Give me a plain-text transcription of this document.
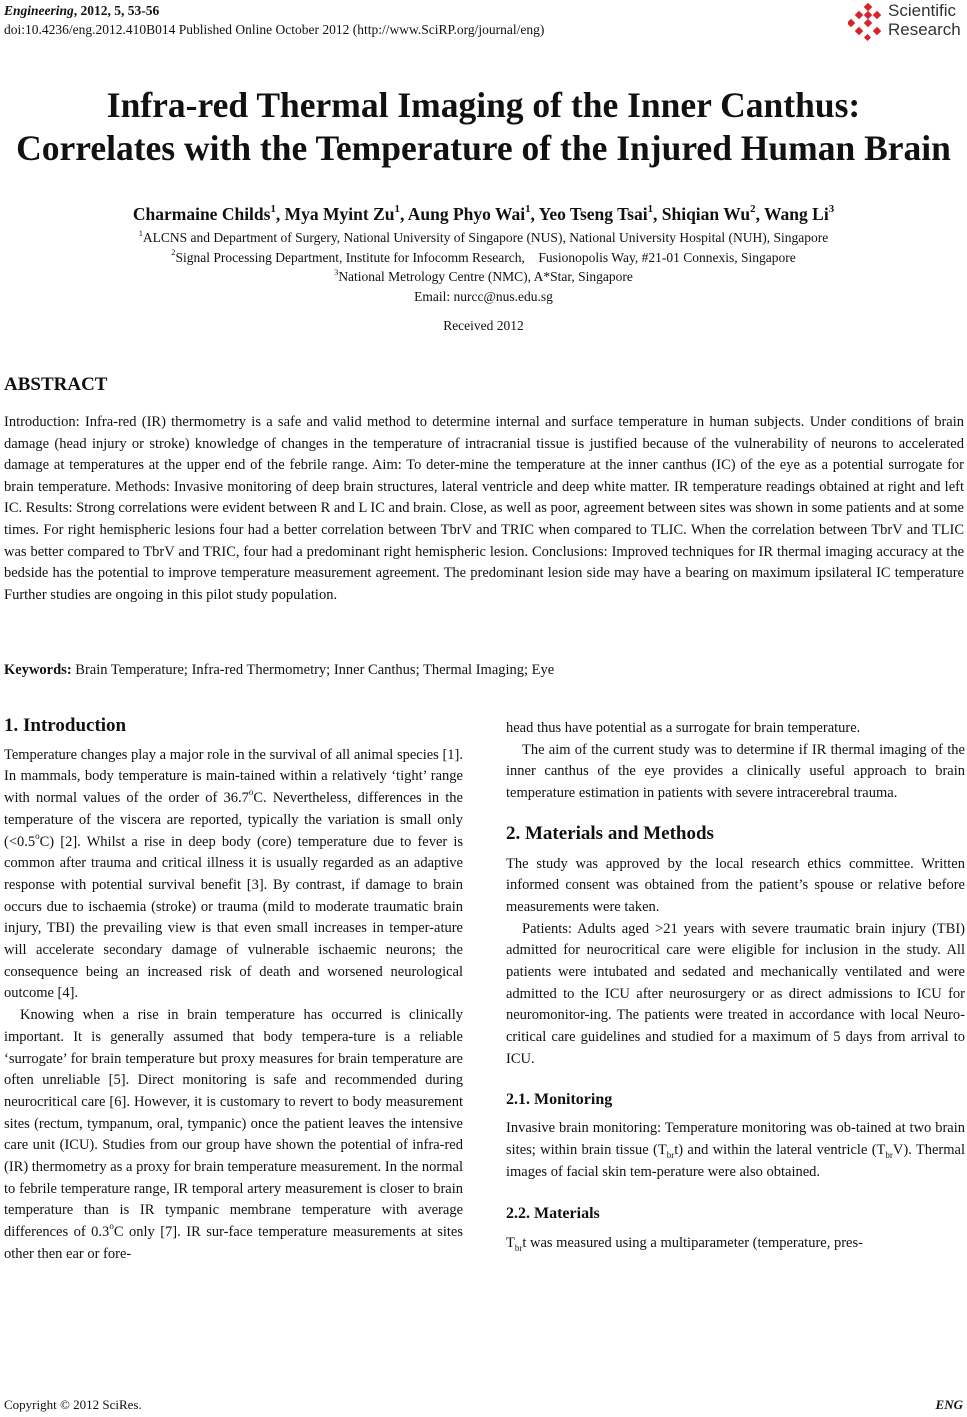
Engineering, 2012, 5, 53-56
doi:10.4236/eng.2012.410B014 Published Online October 2012 (http://www.SciRP.org/journal/eng)
Scientific
Research
Infra-red Thermal Imaging of the Inner Canthus:
Correlates with the Temperature of the Injured Human Brain
Charmaine Childs$^1$, Mya Myint Zu$^1$, Aung Phyo Wai$^1$, Yeo Tseng Tsai$^1$, Shiqian Wu$^2$, Wang Li$^3$
$^1$ALCNS and Department of Surgery, National University of Singapore (NUS), National University Hospital (NUH), Singapore
$^2$Signal Processing Department, Institute for Infocomm Research,    Fusionopolis Way, #21-01 Connexis, Singapore
$^3$National Metrology Centre (NMC), A*Star, Singapore
Email: nurcc@nus.edu.sg
Received 2012
ABSTRACT
Introduction: Infra-red (IR) thermometry is a safe and valid method to determine internal and surface temperature in human subjects. Under conditions of brain damage (head injury or stroke) knowledge of changes in the temperature of intracranial tissue is justified because of the vulnerability of neurons to accelerated damage at temperatures at the upper end of the febrile range. Aim: To deter-mine the temperature at the inner canthus (IC) of the eye as a potential surrogate for brain temperature. Methods: Invasive monitoring of deep brain structures, lateral ventricle and deep white matter. IR temperature readings obtained at right and left IC. Results: Strong correlations were evident between R and L IC and brain. Close, as well as poor, agreement between sites was shown in some patients and at some times. For right hemispheric lesions four had a better correlation between TbrV and TRIC when compared to TLIC. When the correlation between TbrV and TLIC was better compared to TbrV and TRIC, four had a predominant right hemispheric lesion. Conclusions: Improved techniques for IR thermal imaging accuracy at the bedside has the potential to improve temperature measurement agreement. The predominant lesion side may have a bearing on maximum ipsilateral IC temperature Further studies are ongoing in this pilot study population.
Keywords: Brain Temperature; Infra-red Thermometry; Inner Canthus; Thermal Imaging; Eye
1. Introduction

Temperature changes play a major role in the survival of all animal species [1]. In mammals, body temperature is main-tained within a relatively ‘tight’ range with normal values of the order of 36.7$^o$C. Nevertheless, differences in the temperature of the viscera are reported, typically the variation is small only $(<0.5^oC)$ [2]. Whilst a rise in deep body (core) temperature due to fever is common after trauma and critical illness it is usually regarded as an adaptive response with potential survival benefit [3]. By contrast, if damage to brain occurs due to ischaemia (stroke) or trauma (mild to moderate traumatic brain injury, TBI) the prevailing view is that even small increases in temper-ature will accelerate secondary damage of vulnerable ischaemic neurons; the consequence being an increased risk of death and worsened neurological outcome [4].

Knowing when a rise in brain temperature has occurred is clinically important. It is generally assumed that body tempera-ture is a reliable ‘surrogate’ for brain temperature but proxy measures for brain temperature are often unreliable [5]. Direct monitoring is safe and recommended during neurocritical care [6]. However, it is customary to revert to body measurement sites (rectum, tympanum, oral, tympanic) once the patient leaves the intensive care unit (ICU). Studies from our group have shown the potential of infra-red (IR) thermometry as a proxy for brain temperature measurement. In the normal to febrile temperature range, IR temporal artery measurement is closer to brain temperature than is IR tympanic membrane temperature with average differences of 0.3$^o$C only [7]. IR sur-face temperature measurements at sites other then ear or fore-

head thus have potential as a surrogate for brain temperature.

The aim of the current study was to determine if IR thermal imaging of the inner canthus of the eye provides a clinically useful approach to brain temperature estimation in patients with severe intracerebral trauma.

2. Materials and Methods

The study was approved by the local research ethics committee. Written informed consent was obtained from the patient’s spouse or relative before measurements were taken.

Patients: Adults aged >21 years with severe traumatic brain injury (TBI) admitted for neurocritical care were eligible for inclusion in the study. All patients were intubated and sedated and mechanically ventilated and were admitted to the ICU after neurosurgery or as direct admissions to ICU for neuromonitor-ing. The patients were treated in accordance with local Neuro-critical care guidelines and studied for a maximum of 5 days from arrival to ICU.

2.1. Monitoring

Invasive brain monitoring: Temperature monitoring was ob-tained at two brain sites; within brain tissue $(T_{br}t)$ and within the lateral ventricle $(T_{br}V)$. Thermal images of facial skin tem-perature were also obtained.

2.2. Materials

$T_{br}t$ was measured using a multiparameter (temperature, pres-

Copyright © 2012 SciRes.	ENG
